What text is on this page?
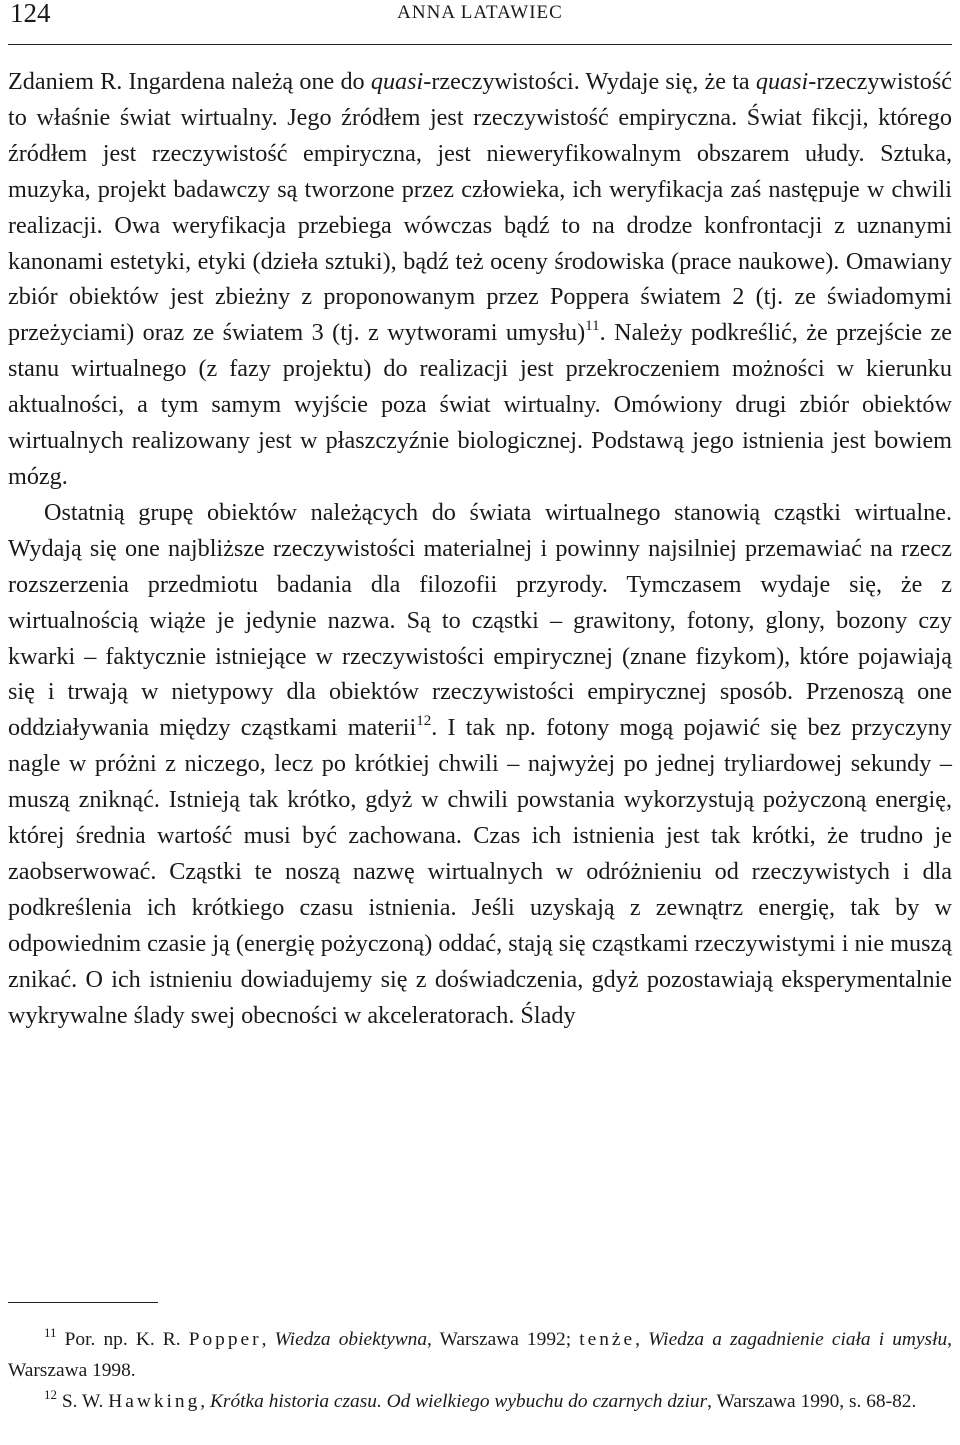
124	ANNA LATAWIEC

Zdaniem R. Ingardena należą one do quasi-rzeczywistości. Wydaje się, że ta quasi-rzeczywistość to właśnie świat wirtualny. Jego źródłem jest rzeczywistość empiryczna. Świat fikcji, którego źródłem jest rzeczywistość empiryczna, jest nieweryfikowalnym obszarem ułudy. Sztuka, muzyka, projekt badawczy są tworzone przez człowieka, ich weryfikacja zaś następuje w chwili realizacji. Owa weryfikacja przebiega wówczas bądź to na drodze konfrontacji z uznanymi kanonami estetyki, etyki (dzieła sztuki), bądź też oceny środowiska (prace naukowe). Omawiany zbiór obiektów jest zbieżny z proponowanym przez Poppera światem 2 (tj. ze świadomymi przeżyciami) oraz ze światem 3 (tj. z wytworami umysłu)$^{11}$. Należy podkreślić, że przejście ze stanu wirtualnego (z fazy projektu) do realizacji jest przekroczeniem możności w kierunku aktualności, a tym samym wyjście poza świat wirtualny. Omówiony drugi zbiór obiektów wirtualnych realizowany jest w płaszczyźnie biologicznej. Podstawą jego istnienia jest bowiem mózg.

Ostatnią grupę obiektów należących do świata wirtualnego stanowią cząstki wirtualne. Wydają się one najbliższe rzeczywistości materialnej i powinny najsilniej przemawiać na rzecz rozszerzenia przedmiotu badania dla filozofii przyrody. Tymczasem wydaje się, że z wirtualnością wiąże je jedynie nazwa. Są to cząstki – grawitony, fotony, glony, bozony czy kwarki – faktycznie istniejące w rzeczywistości empirycznej (znane fizykom), które pojawiają się i trwają w nietypowy dla obiektów rzeczywistości empirycznej sposób. Przenoszą one oddziaływania między cząstkami materii$^{12}$. I tak np. fotony mogą pojawić się bez przyczyny nagle w próżni z niczego, lecz po krótkiej chwili – najwyżej po jednej tryliardowej sekundy – muszą zniknąć. Istnieją tak krótko, gdyż w chwili powstania wykorzystują pożyczoną energię, której średnia wartość musi być zachowana. Czas ich istnienia jest tak krótki, że trudno je zaobserwować. Cząstki te noszą nazwę wirtualnych w odróżnieniu od rzeczywistych i dla podkreślenia ich krótkiego czasu istnienia. Jeśli uzyskają z zewnątrz energię, tak by w odpowiednim czasie ją (energię pożyczoną) oddać, stają się cząstkami rzeczywistymi i nie muszą znikać. O ich istnieniu dowiadujemy się z doświadczenia, gdyż pozostawiają eksperymentalnie wykrywalne ślady swej obecności w akceleratorach. Ślady

$^{11}$ Por. np. K. R. Popper, Wiedza obiektywna, Warszawa 1992; tenże, Wiedza a zagadnienie ciała i umysłu, Warszawa 1998.

$^{12}$ S. W. Hawking, Krótka historia czasu. Od wielkiego wybuchu do czarnych dziur, Warszawa 1990, s. 68-82.
